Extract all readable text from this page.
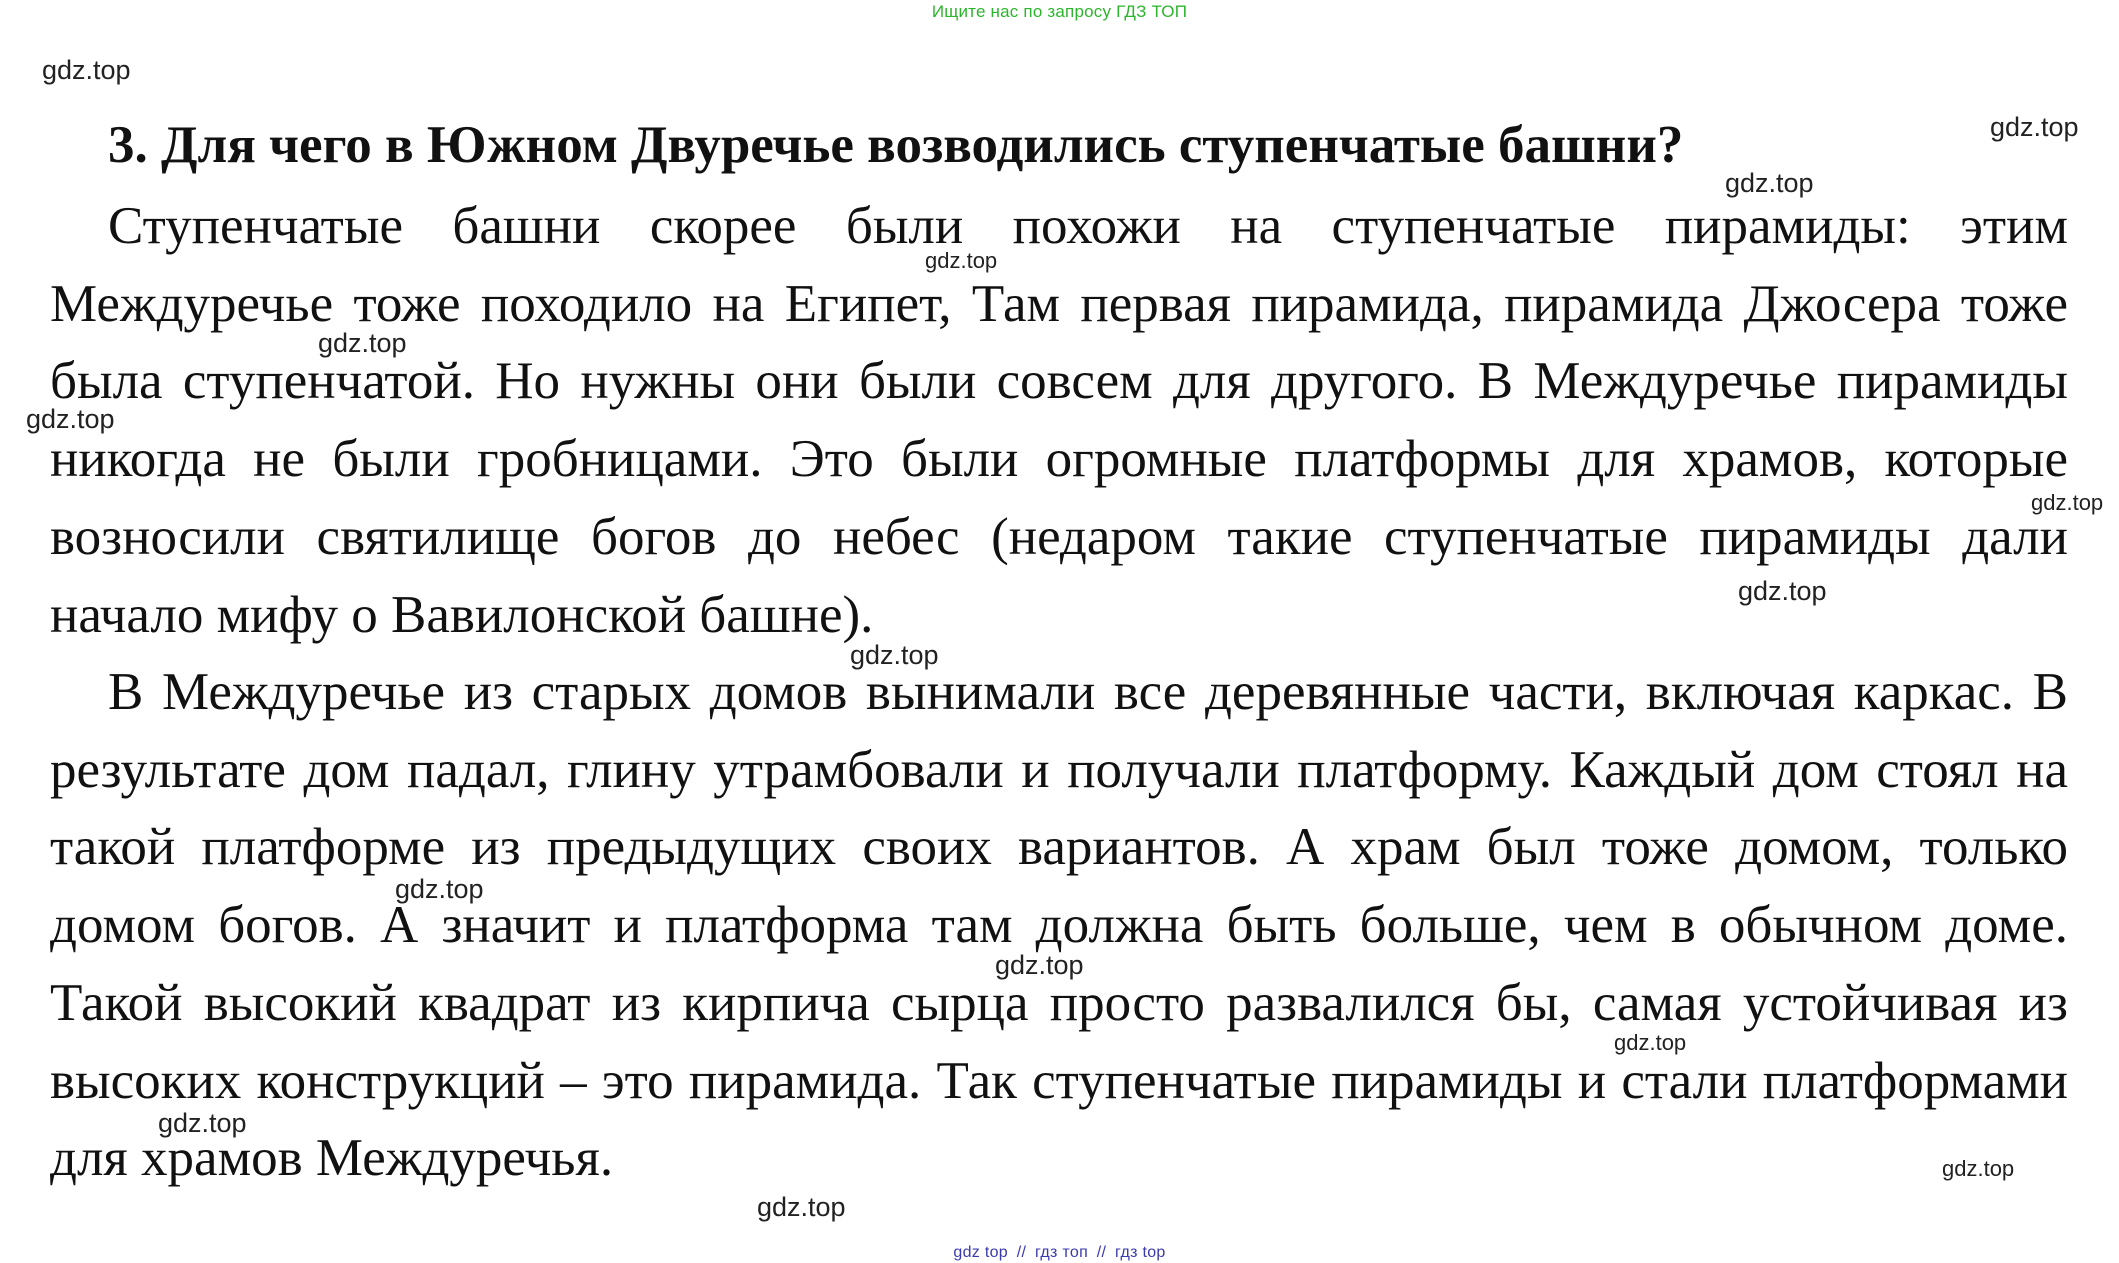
Ищите нас по запросу ГДЗ ТОП
3. Для чего в Южном Двуречье возводились ступенчатые башни?

Ступенчатые башни скорее были похожи на ступенчатые пирамиды: этим Междуречье тоже походило на Египет, Там первая пирамида, пирамида Джосера тоже была ступенчатой. Но нужны они были совсем для другого. В Междуречье пирамиды никогда не были гробницами. Это были огромные платформы для храмов, которые возносили святилище богов до небес (недаром такие ступенчатые пирамиды дали начало мифу о Вавилонской башне).

В Междуречье из старых домов вынимали все деревянные части, включая каркас. В результате дом падал, глину утрамбовали и получали платформу. Каждый дом стоял на такой платформе из предыдущих своих вариантов. А храм был тоже домом, только домом богов. А значит и платформа там должна быть больше, чем в обычном доме. Такой высокий квадрат из кирпича сырца просто развалился бы, самая устойчивая из высоких конструкций – это пирамида. Так ступенчатые пирамиды и стали платформами для храмов Междуречья.

gdz.top
gdz.top
gdz.top
gdz.top
gdz.top
gdz.top
gdz.top
gdz.top
gdz.top
gdz.top
gdz.top
gdz.top
gdz.top
gdz.top
gdz.top
gdz top // гдз топ // гдз top
